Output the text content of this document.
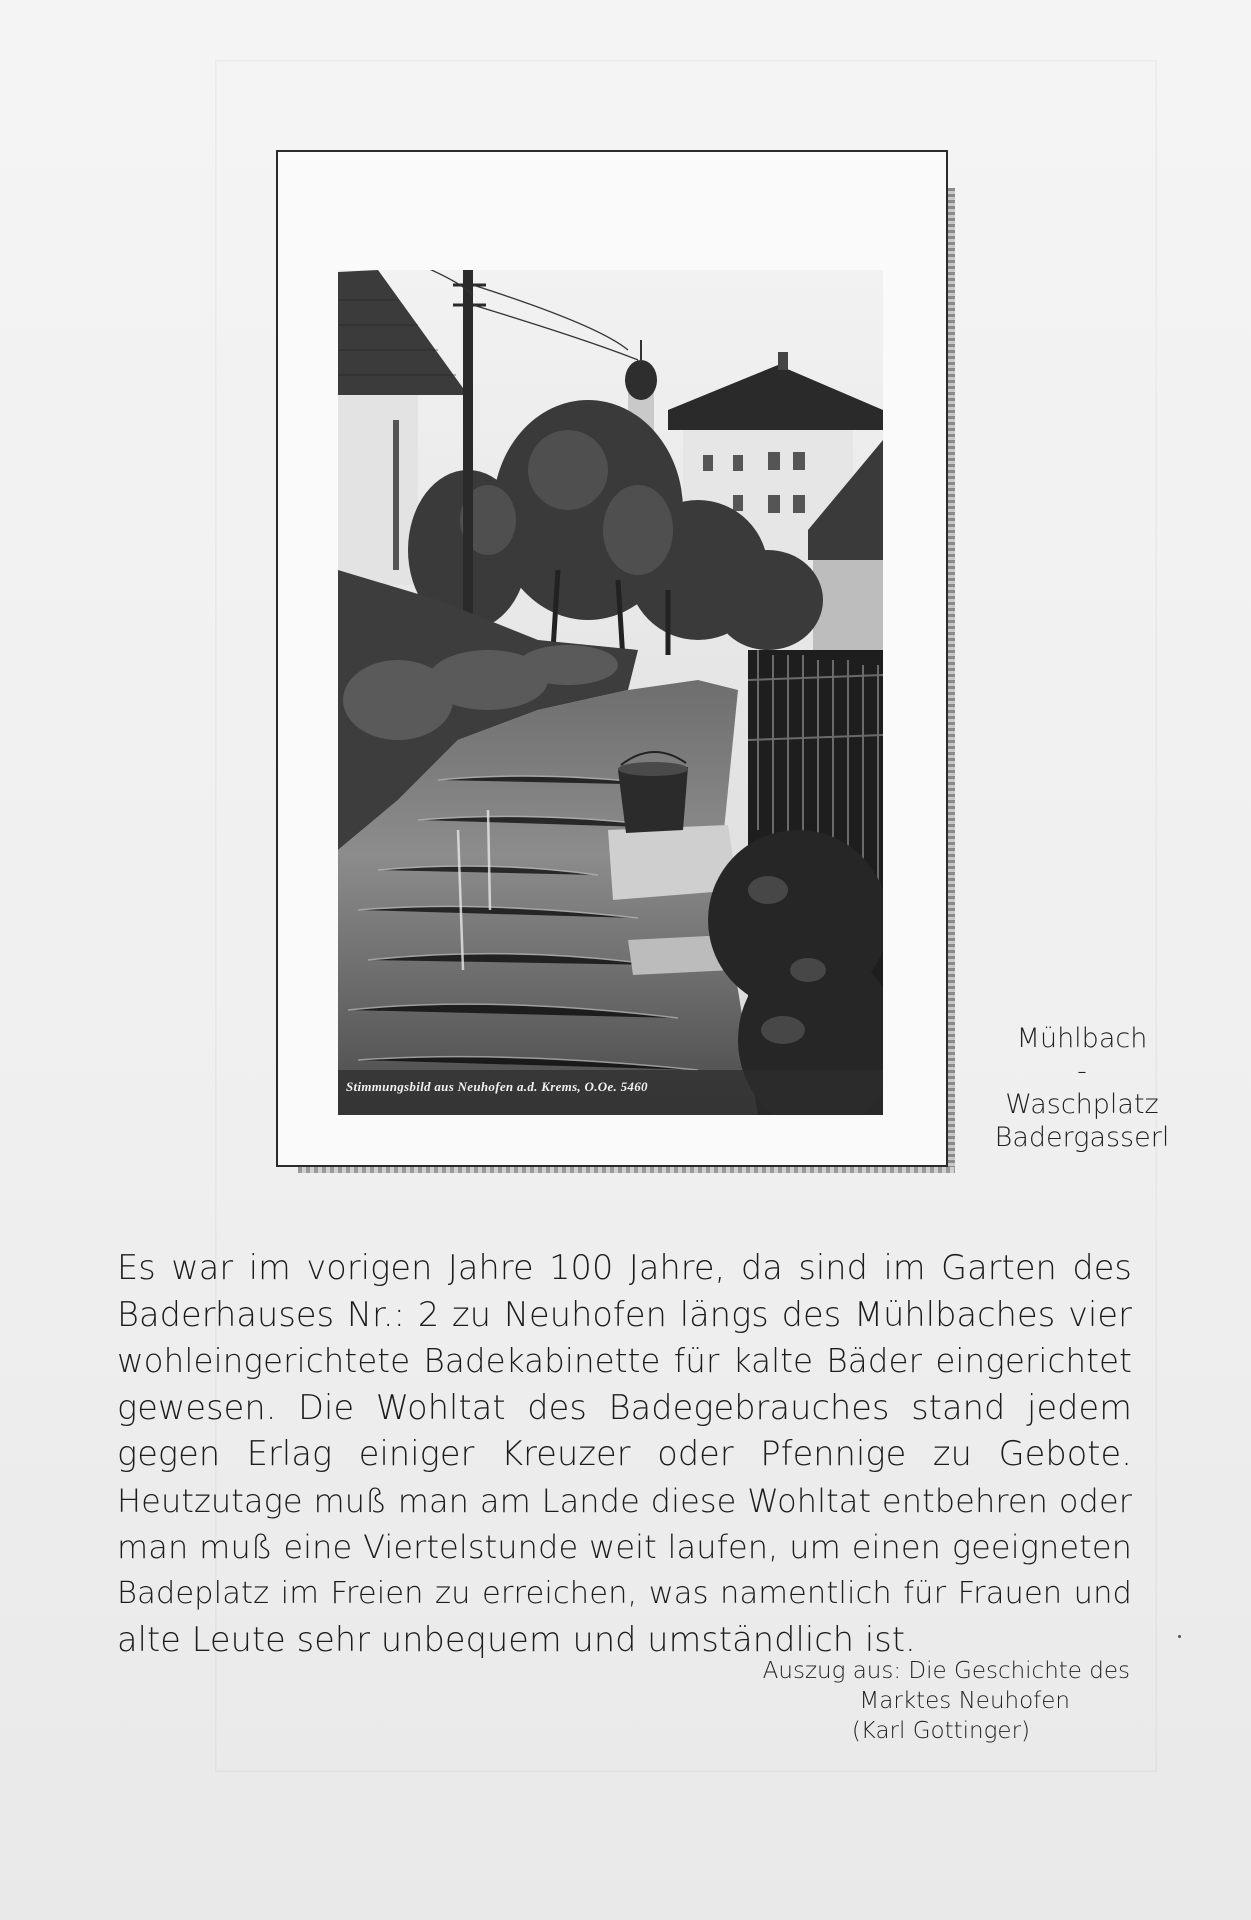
Stimmungsbild aus Neuhofen a.d. Krems, O.Oe. 5460
Mühlbach
-
Waschplatz
Badergasserl
Es war im vorigen Jahre 100 Jahre, da sind im Garten des
Baderhauses Nr.: 2 zu Neuhofen längs des Mühlbaches vier
wohleingerichtete Badekabinette für kalte Bäder eingerichtet
gewesen. Die Wohltat des Badegebrauches stand jedem
gegen Erlag einiger Kreuzer oder Pfennige zu Gebote.
Heutzutage muß man am Lande diese Wohltat entbehren oder
man muß eine Viertelstunde weit laufen, um einen geeigneten
Badeplatz im Freien zu erreichen, was namentlich für Frauen und
alte Leute sehr unbequem und umständlich ist.
Auszug aus: Die Geschichte des
Marktes Neuhofen
(Karl Gottinger)
